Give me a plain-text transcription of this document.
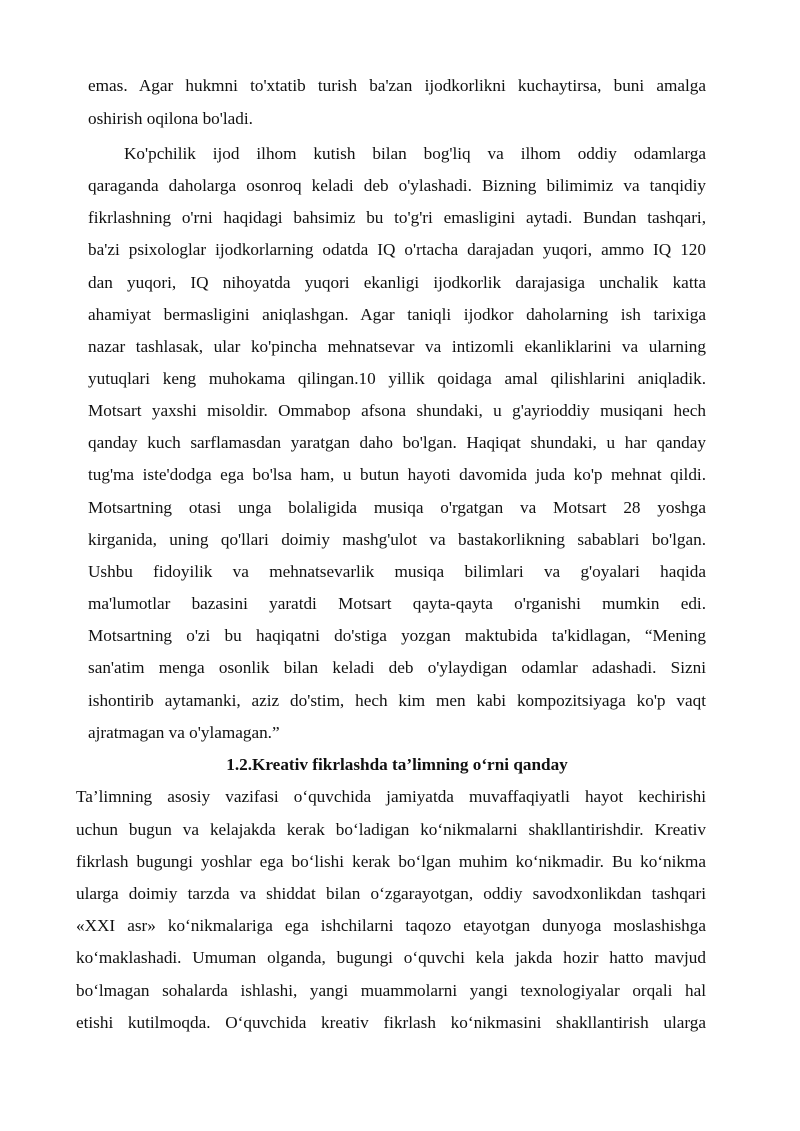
emas. Agar hukmni to'xtatib turish ba'zan ijodkorlikni kuchaytirsa, buni amalga
oshirish oqilona bo'ladi.
Ko'pchilik ijod ilhom kutish bilan bog'liq va ilhom oddiy odamlarga
qaraganda daholarga osonroq keladi deb o'ylashadi. Bizning bilimimiz va tanqidiy
fikrlashning o'rni haqidagi bahsimiz bu to'g'ri emasligini aytadi. Bundan tashqari,
ba'zi psixologlar ijodkorlarning odatda IQ o'rtacha darajadan yuqori, ammo IQ 120
dan yuqori, IQ nihoyatda yuqori ekanligi ijodkorlik darajasiga unchalik katta
ahamiyat bermasligini aniqlashgan. Agar taniqli ijodkor daholarning ish tarixiga
nazar tashlasak, ular ko'pincha mehnatsevar va intizomli ekanliklarini va ularning
yutuqlari keng muhokama qilingan.10 yillik qoidaga amal qilishlarini aniqladik.
Motsart yaxshi misoldir. Ommabop afsona shundaki, u g'ayrioddiy musiqani hech
qanday kuch sarflamasdan yaratgan daho bo'lgan. Haqiqat shundaki, u har qanday
tug'ma iste'dodga ega bo'lsa ham, u butun hayoti davomida juda ko'p mehnat qildi.
Motsartning otasi unga bolaligida musiqa o'rgatgan va Motsart 28 yoshga
kirganida, uning qo'llari doimiy mashg'ulot va bastakorlikning sabablari bo'lgan.
Ushbu fidoyilik va mehnatsevarlik musiqa bilimlari va g'oyalari haqida
ma'lumotlar bazasini yaratdi Motsart qayta-qayta o'rganishi mumkin edi.
Motsartning o'zi bu haqiqatni do'stiga yozgan maktubida ta'kidlagan, “Mening
san'atim menga osonlik bilan keladi deb o'ylaydigan odamlar adashadi. Sizni
ishontirib aytamanki, aziz do'stim, hech kim men kabi kompozitsiyaga ko'p vaqt
ajratmagan va o'ylamagan.”
1.2.Kreativ fikrlashda ta’limning o‘rni qanday
Ta’limning asosiy vazifasi o‘quvchida jamiyatda muvaffaqiyatli hayot kechirishi
uchun bugun va kelajakda kerak bo‘ladigan ko‘nikmalarni shakllantirishdir. Kreativ
fikrlash bugungi yoshlar ega bo‘lishi kerak bo‘lgan muhim ko‘nikmadir. Bu ko‘nikma
ularga doimiy tarzda va shiddat bilan o‘zgarayotgan, oddiy savodxonlikdan tashqari
«XXI asr» ko‘nikmalariga ega ishchilarni taqozo etayotgan dunyoga moslashishga
ko‘maklashadi. Umuman olganda, bugungi o‘quvchi kela jakda hozir hatto mavjud
bo‘lmagan sohalarda ishlashi, yangi muammolarni yangi texnologiyalar orqali hal
etishi kutilmoqda. O‘quvchida kreativ fikrlash ko‘nikmasini shakllantirish ularga
